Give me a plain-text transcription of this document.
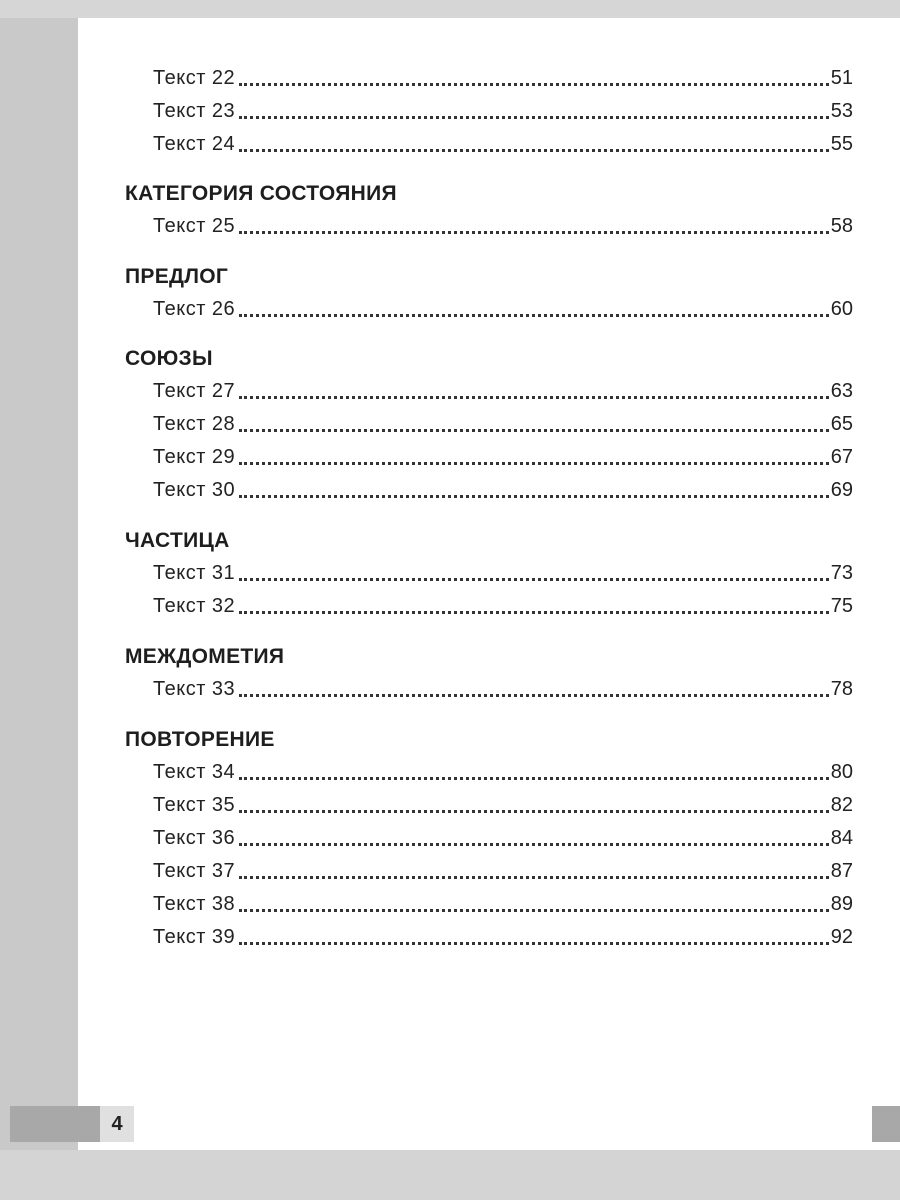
Текст 22	51
Текст 23	53
Текст 24	55
КАТЕГОРИЯ СОСТОЯНИЯ
Текст 25	58
ПРЕДЛОГ
Текст 26	60
СОЮЗЫ
Текст 27	63
Текст 28	65
Текст 29	67
Текст 30	69
ЧАСТИЦА
Текст 31	73
Текст 32	75
МЕЖДОМЕТИЯ
Текст 33	78
ПОВТОРЕНИЕ
Текст 34	80
Текст 35	82
Текст 36	84
Текст 37	87
Текст 38	89
Текст 39	92
4
